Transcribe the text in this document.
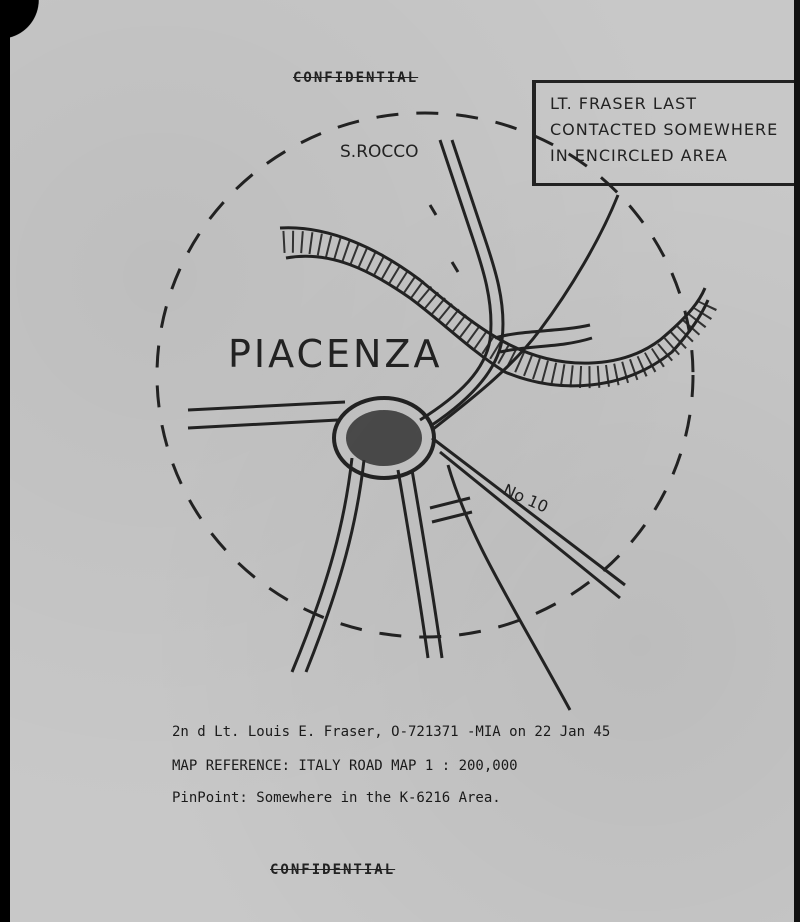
CONFIDENTIAL
LT. FRASER LAST
CONTACTED SOMEWHERE
IN ENCIRCLED AREA
S.ROCCO
PIACENZA
No 10
2n d Lt. Louis E. Fraser, O-721371 -MIA on 22 Jan 45
MAP REFERENCE: ITALY ROAD MAP 1 : 200,000
PinPoint: Somewhere in the K-6216 Area.
CONFIDENTIAL
